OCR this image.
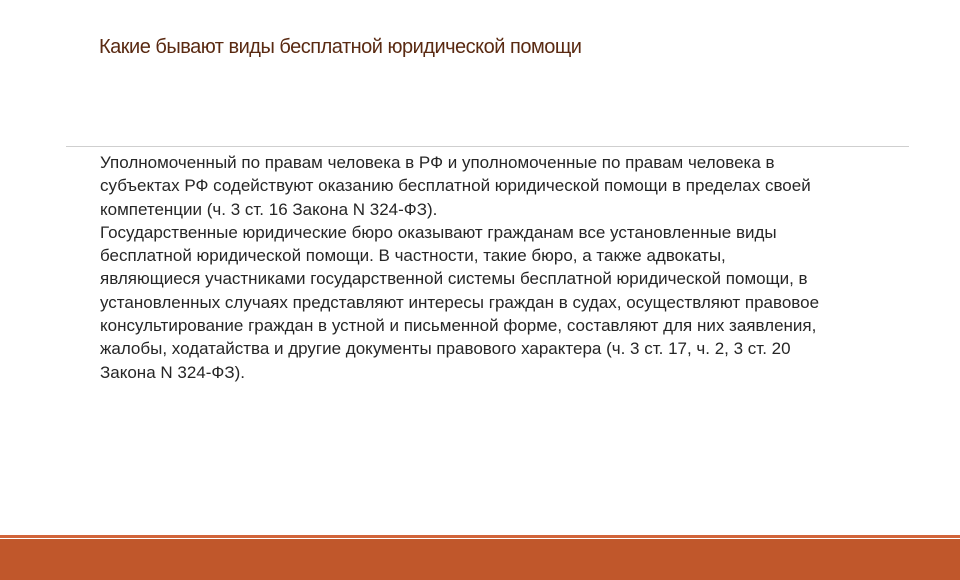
Какие бывают виды бесплатной юридической помощи

Уполномоченный по правам человека в РФ и уполномоченные по правам человека в субъектах РФ содействуют оказанию бесплатной юридической помощи в пределах своей компетенции (ч. 3 ст. 16 Закона N 324-ФЗ).

Государственные юридические бюро оказывают гражданам все установленные виды бесплатной юридической помощи. В частности, такие бюро, а также адвокаты, являющиеся участниками государственной системы бесплатной юридической помощи, в установленных случаях представляют интересы граждан в судах, осуществляют правовое консультирование граждан в устной и письменной форме, составляют для них заявления, жалобы, ходатайства и другие документы правового характера (ч. 3 ст. 17, ч. 2, 3 ст. 20 Закона N 324-ФЗ).
